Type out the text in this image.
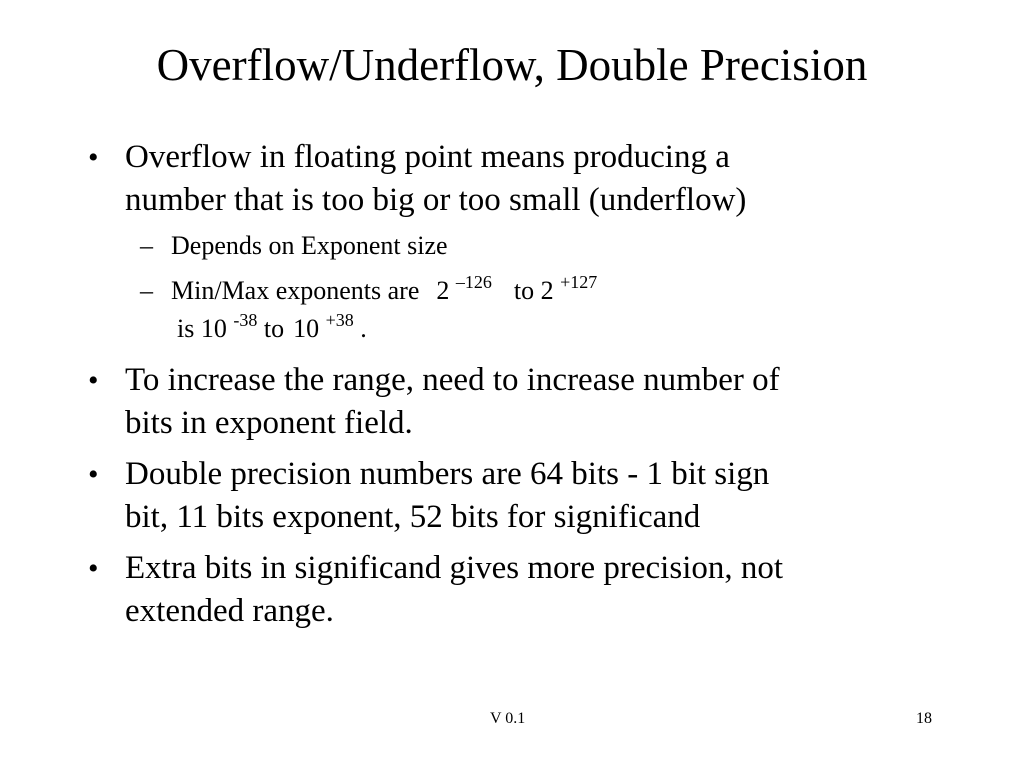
Overflow/Underflow, Double Precision
• Overflow in floating point means producing a
number that is too big or too small (underflow)
– Depends on Exponent size
– Min/Max exponents are 2 $^{-126}$ to 2 $^{+127}$
is 10 $^{-38}$ to 10 $^{+38}$ .
• To increase the range, need to increase number of
bits in exponent field.
• Double precision numbers are 64 bits - 1 bit sign
bit, 11 bits exponent, 52 bits for significand
• Extra bits in significand gives more precision, not
extended range.
V 0.1	18
